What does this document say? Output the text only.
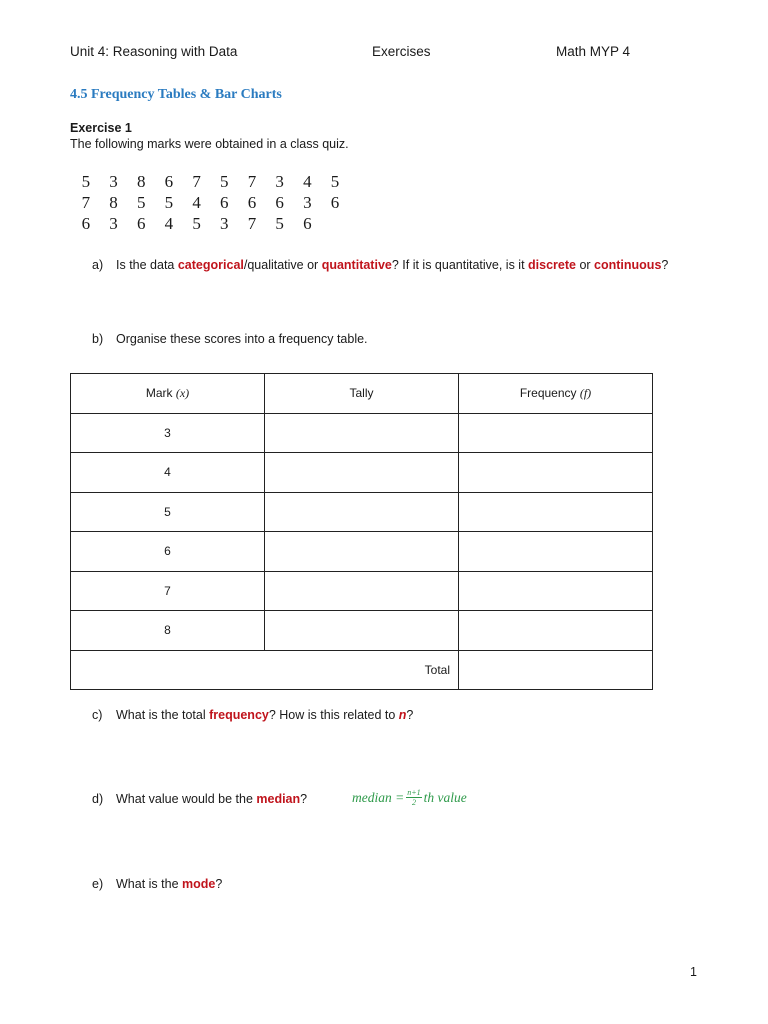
Unit 4: Reasoning with Data	Exercises	Math MYP 4
4.5 Frequency Tables & Bar Charts
Exercise 1
The following marks were obtained in a class quiz.
5	3	8	6	7	5	7	3	4	5
7	8	5	5	4	6	6	6	3	6
6	3	6	4	5	3	7	5	6
a) Is the data categorical/qualitative or quantitative? If it is quantitative, is it discrete or continuous?
b) Organise these scores into a frequency table.
Mark (x)	Tally	Frequency (f)
3		
4		
5		
6		
7		
8		
Total		
c) What is the total frequency? How is this related to n?
d) What value would be the median?	median = $\frac{n+1}{2}$ th value
e) What is the mode?
1
